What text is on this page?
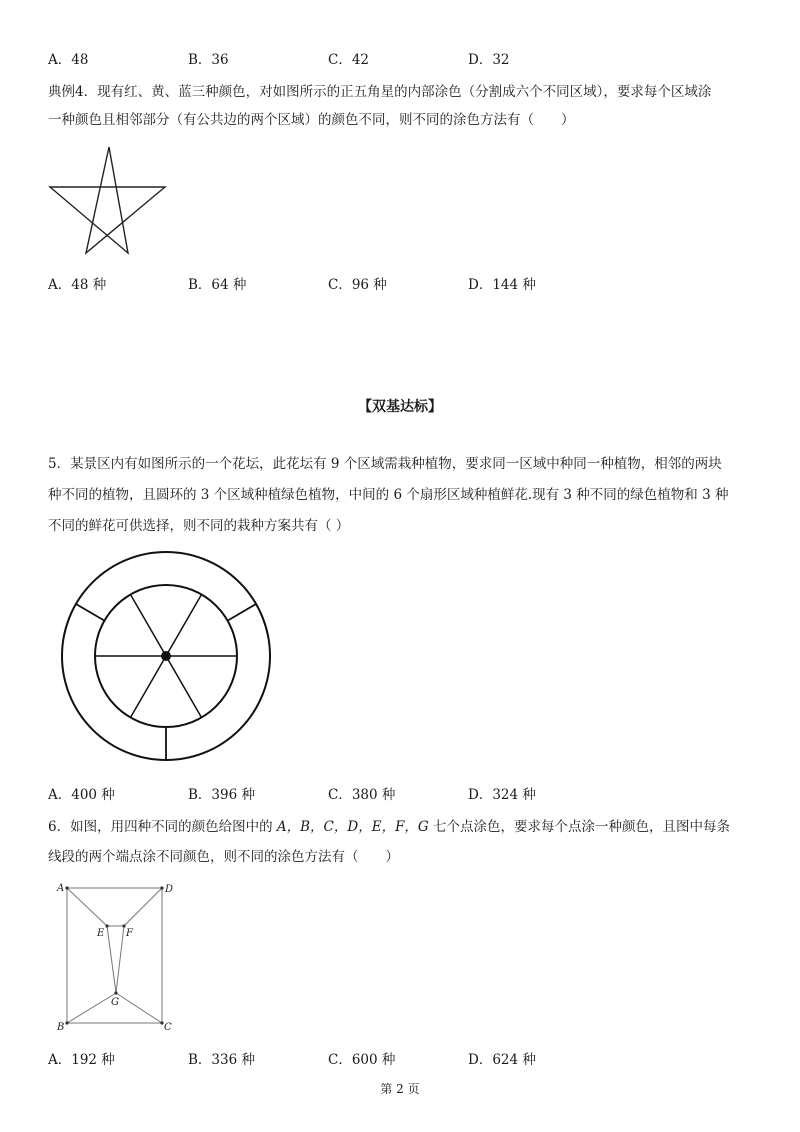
A．48	B．36	C．42	D．32
典例4．现有红、黄、蓝三种颜色，对如图所示的正五角星的内部涂色（分割成六个不同区域），要求每个区域涂
一种颜色且相邻部分（有公共边的两个区域）的颜色不同，则不同的涂色方法有（　　）
A．48 种	B．64 种	C．96 种	D．144 种
【双基达标】
5．某景区内有如图所示的一个花坛，此花坛有 9 个区域需栽种植物，要求同一区域中种同一种植物，相邻的两块
种不同的植物，且圆环的 3 个区域种植绿色植物，中间的 6 个扇形区域种植鲜花.现有 3 种不同的绿色植物和 3 种
不同的鲜花可供选择，则不同的栽种方案共有（ ）
A．400 种	B．396 种	C．380 种	D．324 种
6．如图，用四种不同的颜色给图中的 A，B，C，D，E，F，G 七个点涂色，要求每个点涂一种颜色，且图中每条
线段的两个端点涂不同颜色，则不同的涂色方法有（　　）
A	D
E F
G
B	C
A．192 种	B．336 种	C．600 种	D．624 种
第 2 页
